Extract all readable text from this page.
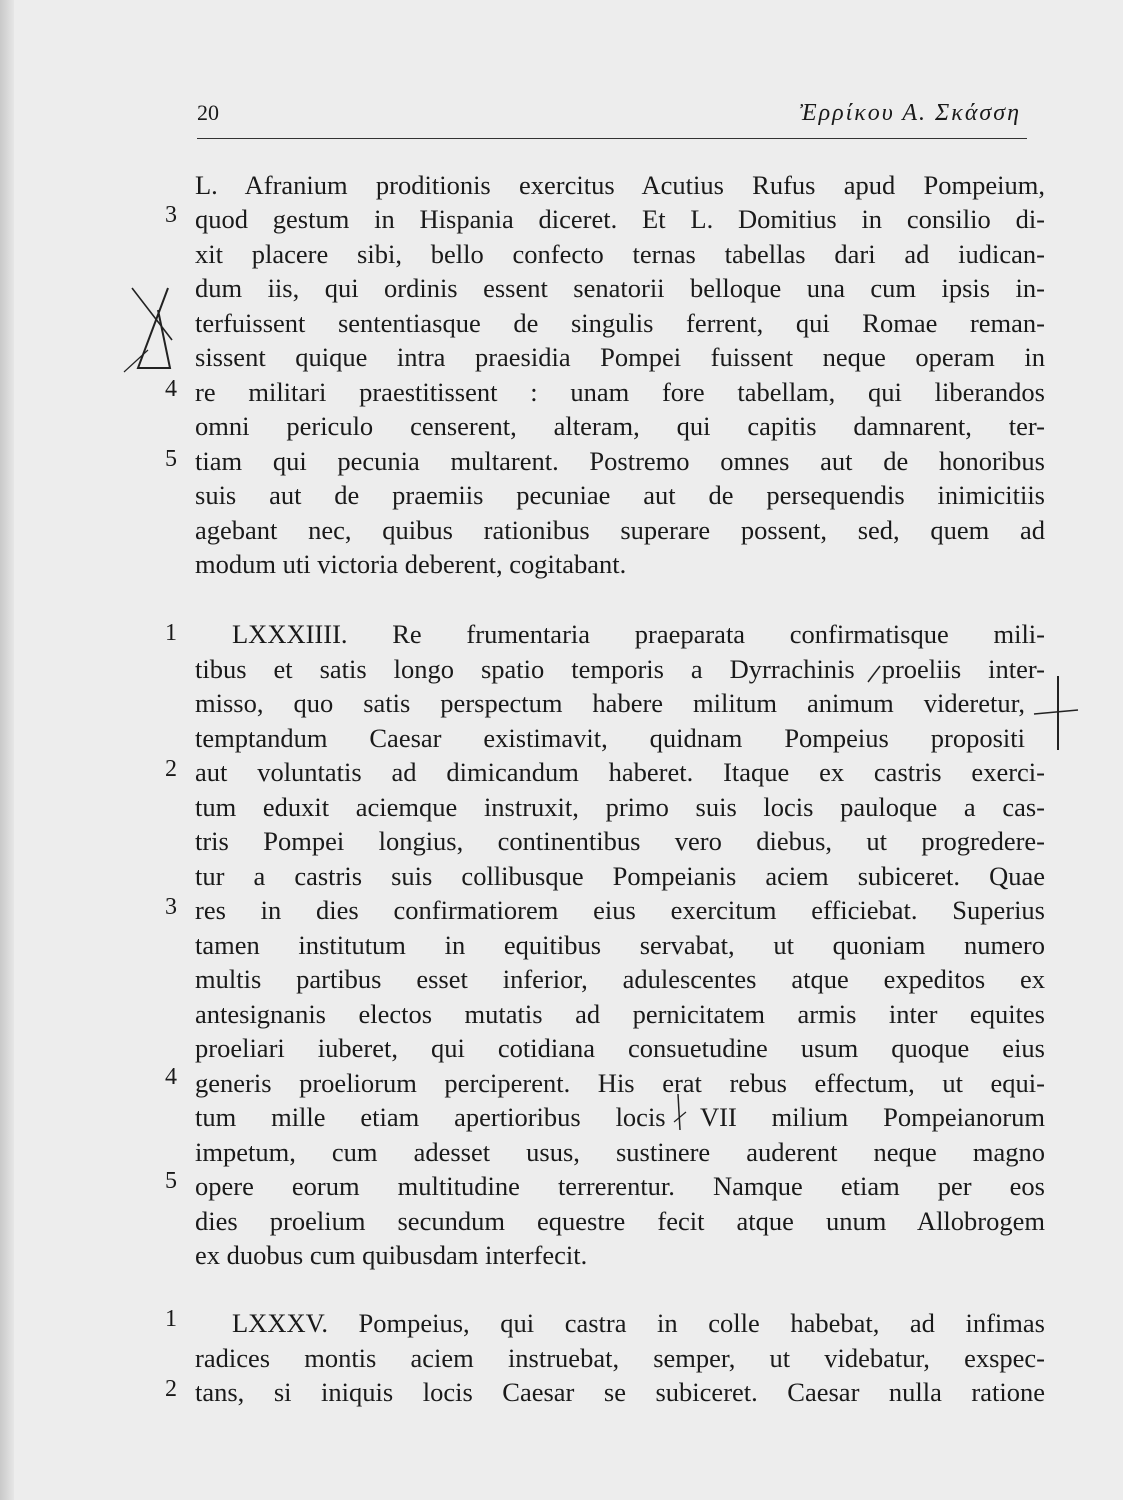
20	Ἐρρίκου Α. Σκάσση
3
4
5
1
2
3
4
5
1
2
L. Afranium proditionis exercitus Acutius Rufus apud Pompeium,
quod gestum in Hispania diceret. Et L. Domitius in consilio di-
xit placere sibi, bello confecto ternas tabellas dari ad iudican-
dum iis, qui ordinis essent senatorii belloque una cum ipsis in-
terfuissent sententiasque de singulis ferrent, qui Romae reman-
sissent quique intra praesidia Pompei fuissent neque operam in
re militari praestitissent : unam fore tabellam, qui liberandos
omni periculo censerent, alteram, qui capitis damnarent, ter-
tiam qui pecunia multarent. Postremo omnes aut de honoribus
suis aut de praemiis pecuniae aut de persequendis inimicitiis
agebant nec, quibus rationibus superare possent, sed, quem ad
modum uti victoria deberent, cogitabant.
LXXXIIII. Re frumentaria praeparata confirmatisque mili-
tibus et satis longo spatio temporis a Dyrrachinis proeliis inter-
misso, quo satis perspectum habere militum animum videretur,
temptandum Caesar existimavit, quidnam Pompeius propositi
aut voluntatis ad dimicandum haberet. Itaque ex castris exerci-
tum eduxit aciemque instruxit, primo suis locis pauloque a cas-
tris Pompei longius, continentibus vero diebus, ut progredere-
tur a castris suis collibusque Pompeianis aciem subiceret. Quae
res in dies confirmatiorem eius exercitum efficiebat. Superius
tamen institutum in equitibus servabat, ut quoniam numero
multis partibus esset inferior, adulescentes atque expeditos ex
antesignanis electos mutatis ad pernicitatem armis inter equites
proeliari iuberet, qui cotidiana consuetudine usum quoque eius
generis proeliorum perciperent. His erat rebus effectum, ut equi-
tum mille etiam apertioribus locis VII milium Pompeianorum
impetum, cum adesset usus, sustinere auderent neque magno
opere eorum multitudine terrerentur. Namque etiam per eos
dies proelium secundum equestre fecit atque unum Allobrogem
ex duobus cum quibusdam interfecit.
LXXXV. Pompeius, qui castra in colle habebat, ad infimas
radices montis aciem instruebat, semper, ut videbatur, exspec-
tans, si iniquis locis Caesar se subiceret. Caesar nulla ratione
